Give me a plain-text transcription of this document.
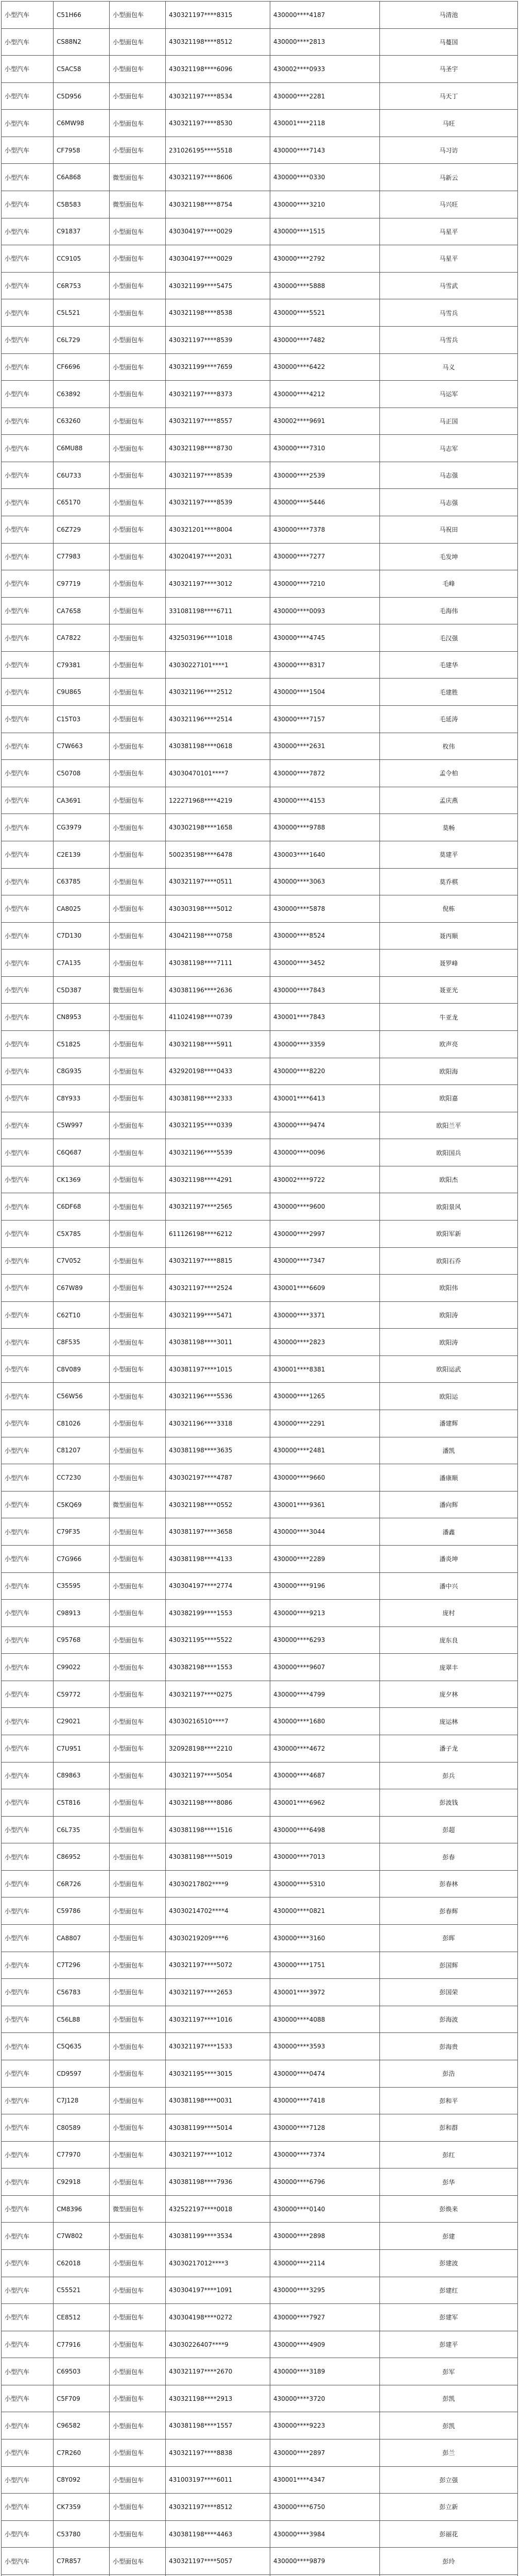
小型汽车	C51H66	小型面包车	430321197****8315	430000****4187	马清池
小型汽车	CS88N2	小型面包车	430321198****8512	430000****2813	马蔓国
小型汽车	C5AC58	小型面包车	430321198****6096	430002****0933	马圣宇
小型汽车	C5D956	小型面包车	430321197****8534	430000****2281	马天丁
小型汽车	C6MW98	小型面包车	430321197****8530	430001****2118	马旺
小型汽车	CF7958	小型面包车	231026195****5518	430000****7143	马习访
小型汽车	C6A868	微型面包车	430321197****8606	430000****0330	马新云
小型汽车	C5B583	微型面包车	430321198****8754	430000****3210	马兴旺
小型汽车	C91837	小型面包车	430304197****0029	430000****1515	马星平
小型汽车	CC9105	小型面包车	430304197****0029	430000****2792	马星平
小型汽车	C6R753	小型面包车	430321199****5475	430000****5888	马雪武
小型汽车	C5L521	小型面包车	430321198****8538	430000****5521	马雪兵
小型汽车	C6L729	小型面包车	430321197****8539	430000****7482	马雪兵
小型汽车	CF6696	小型面包车	430321199****7659	430000****6422	马义
小型汽车	C63892	小型面包车	430321197****8373	430000****4212	马运军
小型汽车	C63260	小型面包车	430321197****8557	430002****9691	马正国
小型汽车	C6MU88	小型面包车	430321198****8730	430000****7310	马志军
小型汽车	C6U733	小型面包车	430321197****8539	430000****2539	马志强
小型汽车	C65170	小型面包车	430321197****8539	430000****5446	马志强
小型汽车	C6Z729	小型面包车	430321201****8004	430000****7378	马祝田
小型汽车	C77983	小型面包车	430204197****2031	430000****7277	毛发坤
小型汽车	C97719	小型面包车	430321197****3012	430000****7210	毛峰
小型汽车	CA7658	小型面包车	331081198****6711	430000****0093	毛海伟
小型汽车	CA7822	小型面包车	432503196****1018	430000****4745	毛汉强
小型汽车	C79381	小型面包车	43030227101****1	430000****8317	毛建华
小型汽车	C9U865	小型面包车	430321196****2512	430000****1504	毛建胜
小型汽车	C15T03	小型面包车	430321196****2514	430000****7157	毛延涛
小型汽车	C7W663	小型面包车	430381198****0618	430000****2631	枚伟
小型汽车	C50708	小型面包车	43030470101****7	430000****7872	孟令柏
小型汽车	CA3691	小型面包车	122271968****4219	430000****4153	孟庆燕
小型汽车	CG3979	小型面包车	430302198****1658	430000****9788	莫畅
小型汽车	C2E139	小型面包车	500235198****6478	430003****1640	莫建平
小型汽车	C63785	小型面包车	430321197****0511	430000****3063	莫乔棋
小型汽车	CA8025	小型面包车	430303198****5012	430000****5878	倪栋
小型汽车	C7D130	小型面包车	430421198****0758	430000****8524	聂丙顺
小型汽车	C7A135	小型面包车	430381198****7111	430000****3452	聂罗峰
小型汽车	C5D387	微型面包车	430381196****2636	430000****7843	聂亚光
小型汽车	CN8953	小型面包车	411024198****0739	430001****7843	牛亚龙
小型汽车	C51825	小型面包车	430321198****5911	430000****3359	欧声亮
小型汽车	C8G935	小型面包车	432920198****0433	430000****8220	欧阳海
小型汽车	C8Y933	小型面包车	430381198****2333	430001****6413	欧阳嘉
小型汽车	C5W997	小型面包车	430321195****0339	430000****9474	欧阳兰平
小型汽车	C6Q687	小型面包车	430321196****5539	430000****0096	欧阳国兵
小型汽车	CK1369	小型面包车	430321198****4291	430002****9722	欧阳杰
小型汽车	C6DF68	小型面包车	430321197****2565	430000****9600	欧阳景风
小型汽车	C5X785	小型面包车	611126198****6212	430000****2997	欧阳军新
小型汽车	C7V052	小型面包车	430321197****8815	430000****7347	欧阳石乔
小型汽车	C67W89	小型面包车	430321197****2524	430001****6609	欧阳伟
小型汽车	C62T10	小型面包车	430321199****5471	430000****3371	欧阳涛
小型汽车	C8F535	小型面包车	430381198****3011	430000****2823	欧阳涛
小型汽车	C8V089	小型面包车	430381197****1015	430001****8381	欧阳运武
小型汽车	C56W56	小型面包车	430321196****5536	430000****1265	欧阳运
小型汽车	C81026	小型面包车	430321196****3318	430000****2291	潘建辉
小型汽车	C81207	小型面包车	430381198****3635	430000****2481	潘凯
小型汽车	CC7230	小型面包车	430302197****4787	430000****9660	潘康顺
小型汽车	C5KQ69	微型面包车	430321198****0552	430001****9361	潘向辉
小型汽车	C79F35	小型面包车	430381197****3658	430000****3044	潘鑫
小型汽车	C7G966	小型面包车	430381198****4133	430000****2289	潘炎坤
小型汽车	C35595	小型面包车	430304197****2774	430000****9196	潘中兴
小型汽车	C98913	小型面包车	430382199****1553	430000****9213	庞村
小型汽车	C95768	小型面包车	430321195****5522	430000****6293	庞东良
小型汽车	C99022	小型面包车	430382198****1553	430000****9607	庞翠丰
小型汽车	C59772	小型面包车	430321197****0275	430000****4799	庞夕林
小型汽车	C29021	小型面包车	43030216510****7	430000****1680	庞运林
小型汽车	C7U951	小型面包车	320928198****2210	430000****4672	潘子龙
小型汽车	C89863	小型面包车	430321197****5054	430000****4687	彭兵
小型汽车	C5T816	小型面包车	430321198****8086	430001****6962	彭波钱
小型汽车	C6L735	小型面包车	430381198****1516	430000****6498	彭超
小型汽车	C86952	小型面包车	430381198****5019	430000****7013	彭春
小型汽车	C6R726	小型面包车	43030217802****9	430000****5310	彭春林
小型汽车	C59786	小型面包车	43030214702****4	430000****0821	彭春辉
小型汽车	CA8807	小型面包车	43030219209****6	430000****3160	彭晖
小型汽车	C7T296	小型面包车	430321197****5072	430000****1751	彭国辉
小型汽车	C56783	小型面包车	430321197****2653	430001****3972	彭国荣
小型汽车	C56L88	小型面包车	430321197****1016	430000****4088	彭海波
小型汽车	C5Q635	小型面包车	430321197****1533	430000****3593	彭海贵
小型汽车	CD9597	小型面包车	430321195****3015	430000****0474	彭浩
小型汽车	C7J128	小型面包车	430381198****0031	430000****7418	彭和平
小型汽车	C80589	小型面包车	430381199****5014	430000****7128	彭和群
小型汽车	C77970	小型面包车	430321197****1012	430000****7374	彭红
小型汽车	C92918	小型面包车	430381198****7936	430000****6796	彭华
小型汽车	CM8396	微型面包车	432522197****0018	430000****0140	彭焕来
小型汽车	C7W802	小型面包车	430381199****3534	430000****2898	彭建
小型汽车	C62018	小型面包车	43030217012****3	430000****2114	彭建波
小型汽车	C55521	小型面包车	430304197****1091	430000****3295	彭建红
小型汽车	CE8512	小型面包车	430304198****0272	430000****7927	彭建军
小型汽车	C77916	小型面包车	43030226407****9	430000****4909	彭建平
小型汽车	C69503	小型面包车	430321197****2670	430000****3189	彭军
小型汽车	C5F709	小型面包车	430321198****2913	430000****3720	彭凯
小型汽车	C96582	小型面包车	430381198****1557	430000****9223	彭凯
小型汽车	C7R260	小型面包车	430321197****8838	430000****2897	彭兰
小型汽车	C8Y092	小型面包车	431003197****6011	430001****4347	彭立强
小型汽车	CK7359	小型面包车	430321197****8512	430000****6750	彭立新
小型汽车	C53780	小型面包车	430381198****4463	430000****3984	彭丽花
小型汽车	C7R857	小型面包车	430321197****5057	430000****9879	彭玲
